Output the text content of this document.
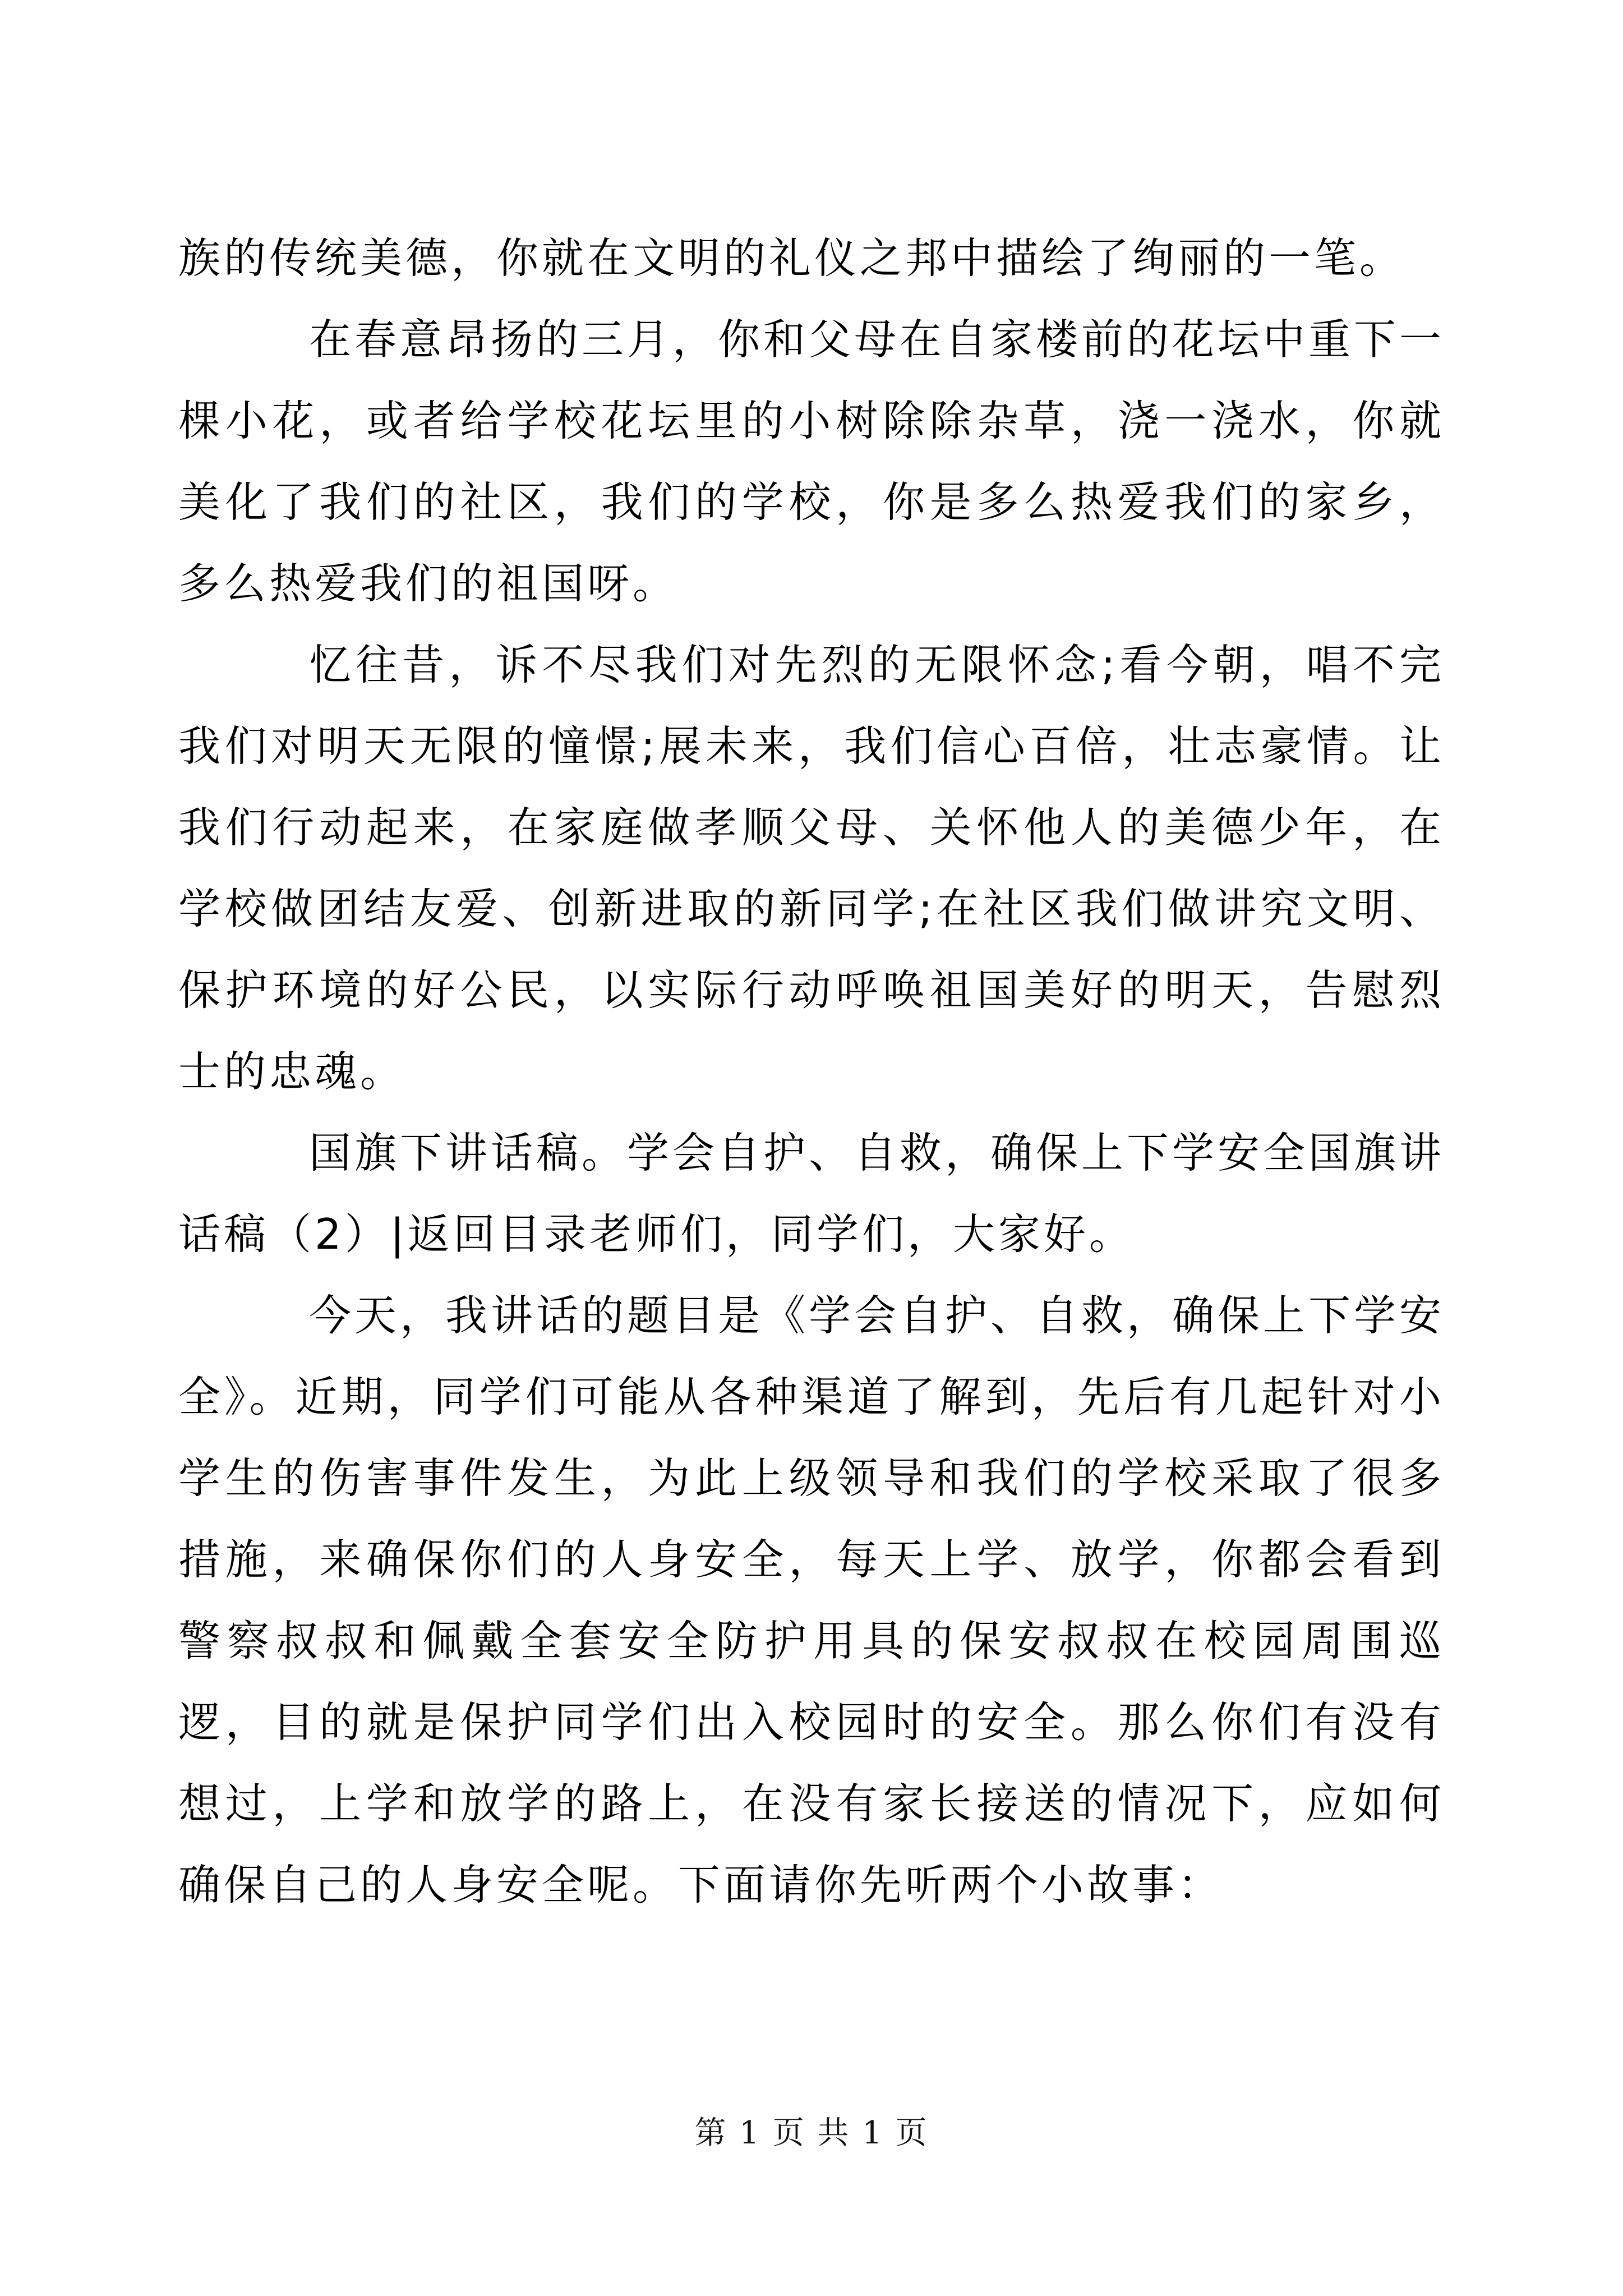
族的传统美德，你就在文明的礼仪之邦中描绘了绚丽的一笔。

在春意昂扬的三月，你和父母在自家楼前的花坛中重下一棵小花，或者给学校花坛里的小树除除杂草，浇一浇水，你就美化了我们的社区，我们的学校，你是多么热爱我们的家乡，多么热爱我们的祖国呀。

忆往昔，诉不尽我们对先烈的无限怀念;看今朝，唱不完我们对明天无限的憧憬;展未来，我们信心百倍，壮志豪情。让我们行动起来，在家庭做孝顺父母、关怀他人的美德少年，在学校做团结友爱、创新进取的新同学;在社区我们做讲究文明、保护环境的好公民，以实际行动呼唤祖国美好的明天，告慰烈士的忠魂。

国旗下讲话稿。学会自护、自救，确保上下学安全国旗讲话稿（2）|返回目录老师们，同学们，大家好。

今天，我讲话的题目是《学会自护、自救，确保上下学安全》。近期，同学们可能从各种渠道了解到，先后有几起针对小学生的伤害事件发生，为此上级领导和我们的学校采取了很多措施，来确保你们的人身安全，每天上学、放学，你都会看到警察叔叔和佩戴全套安全防护用具的保安叔叔在校园周围巡逻，目的就是保护同学们出入校园时的安全。那么你们有没有想过，上学和放学的路上，在没有家长接送的情况下，应如何确保自己的人身安全呢。下面请你先听两个小故事：

第 1 页 共 1 页
